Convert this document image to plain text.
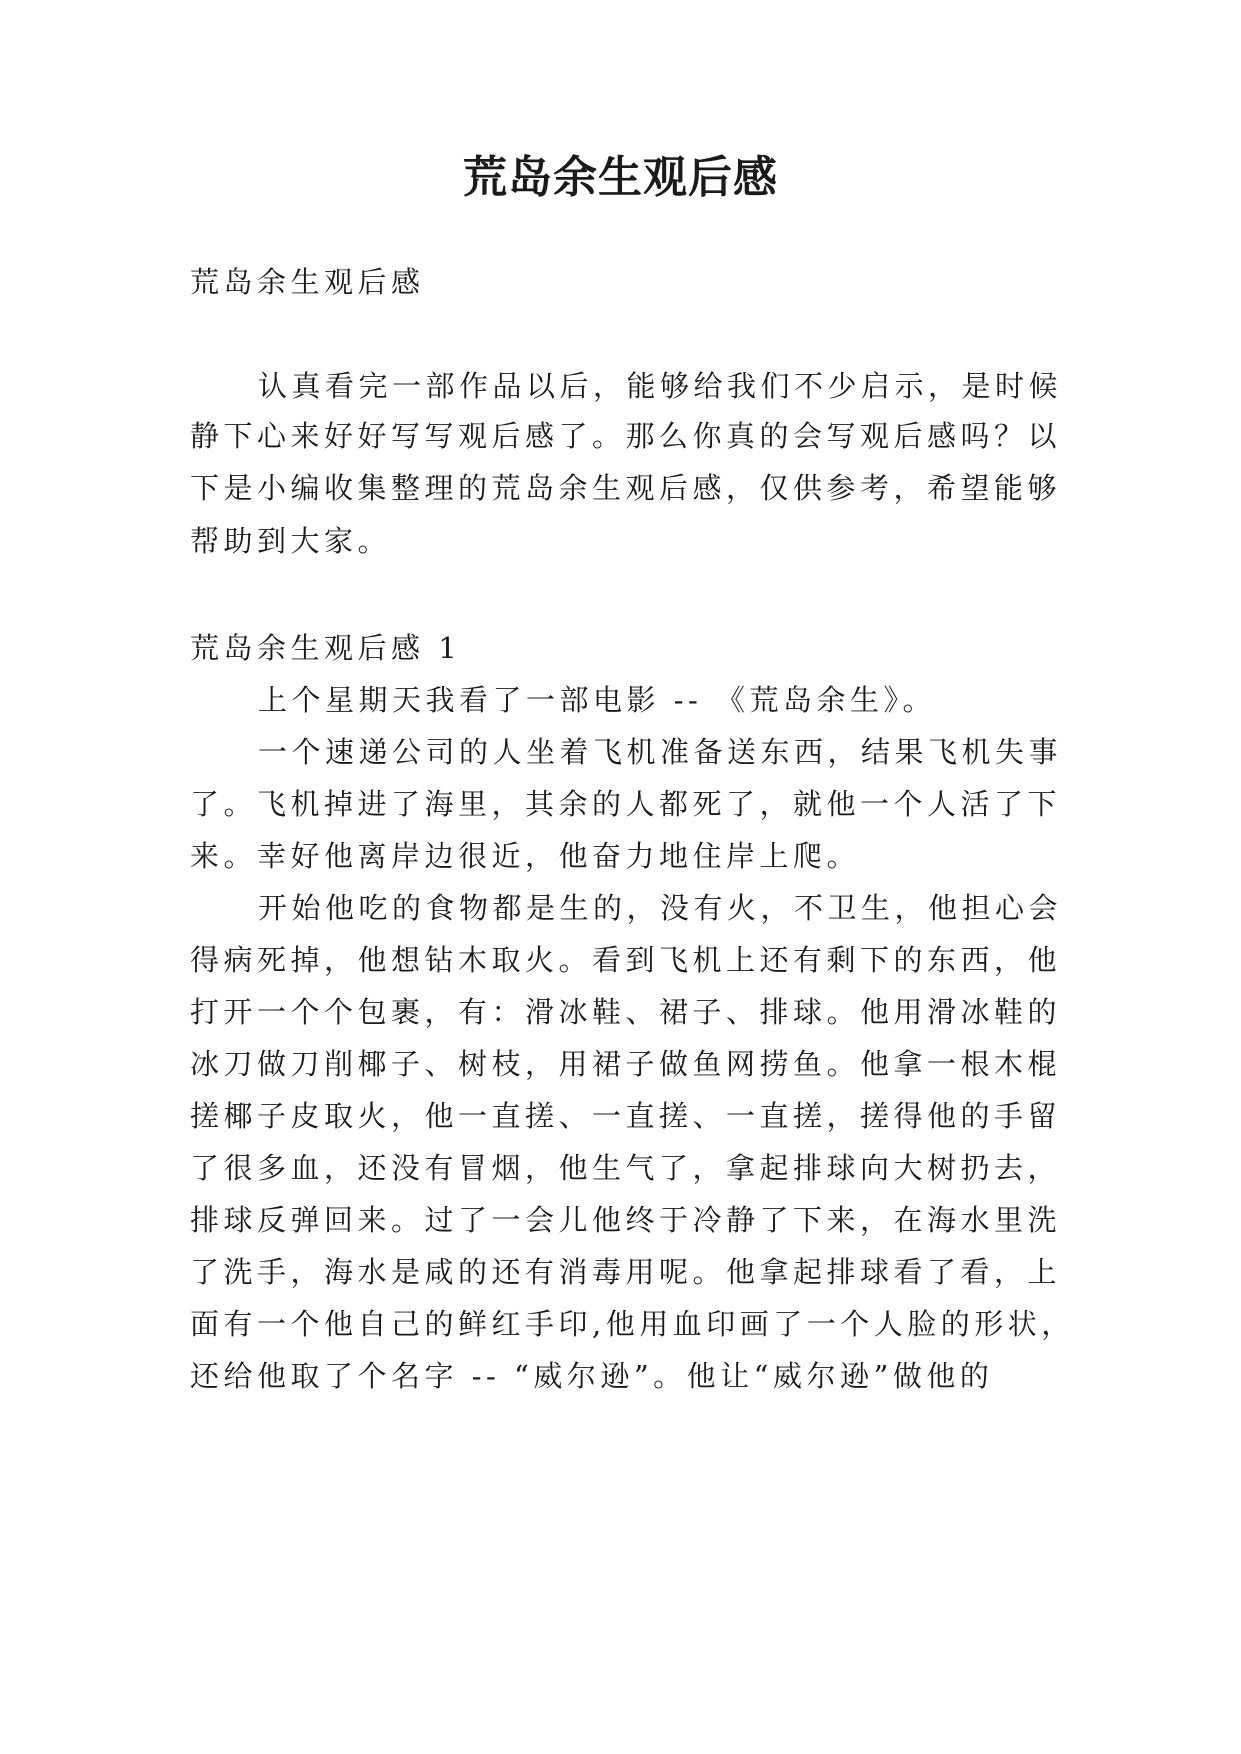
荒岛余生观后感
荒岛余生观后感
认真看完一部作品以后，能够给我们不少启示，是时候
静下心来好好写写观后感了。那么你真的会写观后感吗？以
下是小编收集整理的荒岛余生观后感，仅供参考，希望能够
帮助到大家。
荒岛余生观后感 1
上个星期天我看了一部电影 -- 《荒岛余生》。
一个速递公司的人坐着飞机准备送东西，结果飞机失事
了。飞机掉进了海里，其余的人都死了，就他一个人活了下
来。幸好他离岸边很近，他奋力地住岸上爬。
开始他吃的食物都是生的，没有火，不卫生，他担心会
得病死掉，他想钻木取火。看到飞机上还有剩下的东西，他
打开一个个包裹，有：滑冰鞋、裙子、排球。他用滑冰鞋的
冰刀做刀削椰子、树枝，用裙子做鱼网捞鱼。他拿一根木棍
搓椰子皮取火，他一直搓、一直搓、一直搓，搓得他的手留
了很多血，还没有冒烟，他生气了，拿起排球向大树扔去，
排球反弹回来。过了一会儿他终于冷静了下来，在海水里洗
了洗手，海水是咸的还有消毒用呢。他拿起排球看了看，上
面有一个他自己的鲜红手印,他用血印画了一个人脸的形状，
还给他取了个名字 -- “威尔逊”。他让“威尔逊”做他的
